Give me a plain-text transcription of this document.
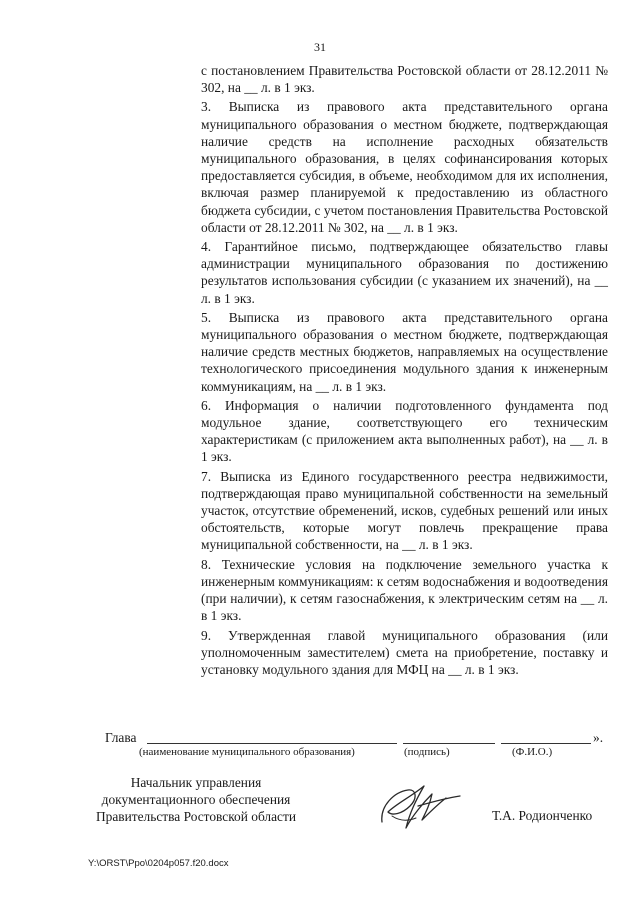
31

с постановлением Правительства Ростовской области от 28.12.2011 № 302, на __ л. в 1 экз.

3. Выписка из правового акта представительного органа муниципального образования о местном бюджете, подтверждающая наличие средств на исполнение расходных обязательств муниципального образования, в целях софинансирования которых предоставляется субсидия, в объеме, необходимом для их исполнения, включая размер планируемой к предоставлению из областного бюджета субсидии, с учетом постановления Правительства Ростовской области от 28.12.2011 № 302, на __ л. в 1 экз.

4. Гарантийное письмо, подтверждающее обязательство главы администрации муниципального образования по достижению результатов использования субсидии (с указанием их значений), на __ л. в 1 экз.

5. Выписка из правового акта представительного органа муниципального образования о местном бюджете, подтверждающая наличие средств местных бюджетов, направляемых на осуществление технологического присоединения модульного здания к инженерным коммуникациям, на __ л. в 1 экз.

6. Информация о наличии подготовленного фундамента под модульное здание, соответствующего его техническим характеристикам (с приложением акта выполненных работ), на __ л. в 1 экз.

7. Выписка из Единого государственного реестра недвижимости, подтверждающая право муниципальной собственности на земельный участок, отсутствие обременений, исков, судебных решений или иных обстоятельств, которые могут повлечь прекращение права муниципальной собственности, на __ л. в 1 экз.

8. Технические условия на подключение земельного участка к инженерным коммуникациям: к сетям водоснабжения и водоотведения (при наличии), к сетям газоснабжения, к электрическим сетям на __ л. в 1 экз.

9. Утвержденная главой муниципального образования (или уполномоченным заместителем) смета на приобретение, поставку и установку модульного здания для МФЦ на __ л. в 1 экз.

Глава	».
(наименование муниципального образования)	(подпись)	(Ф.И.О.)
Начальник управления
документационного обеспечения
Правительства Ростовской области	Т.А. Родионченко
Y:\ORST\Ppo\0204p057.f20.docx
